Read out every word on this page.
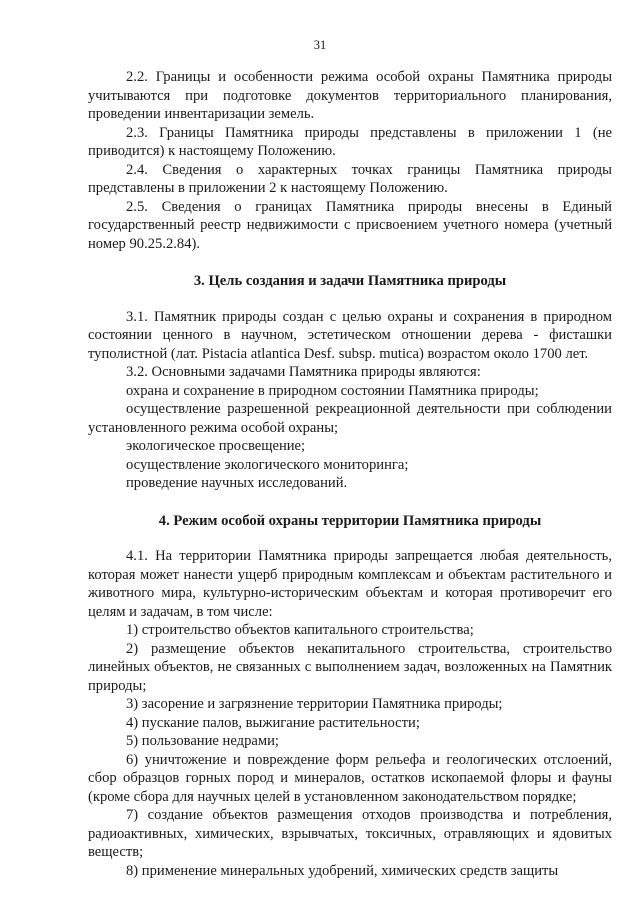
31

2.2. Границы и особенности режима особой охраны Памятника природы учитываются при подготовке документов территориального планирования, проведении инвентаризации земель.

2.3. Границы Памятника природы представлены в приложении 1 (не приводится) к настоящему Положению.

2.4. Сведения о характерных точках границы Памятника природы представлены в приложении 2 к настоящему Положению.

2.5. Сведения о границах Памятника природы внесены в Единый государственный реестр недвижимости с присвоением учетного номера (учетный номер 90.25.2.84).

3. Цель создания и задачи Памятника природы

3.1. Памятник природы создан с целью охраны и сохранения в природном состоянии ценного в научном, эстетическом отношении дерева - фисташки туполистной (лат. Pistacia atlantica Desf. subsp. mutica) возрастом около 1700 лет.

3.2. Основными задачами Памятника природы являются:

охрана и сохранение в природном состоянии Памятника природы;

осуществление разрешенной рекреационной деятельности при соблюдении установленного режима особой охраны;

экологическое просвещение;

осуществление экологического мониторинга;

проведение научных исследований.

4. Режим особой охраны территории Памятника природы

4.1. На территории Памятника природы запрещается любая деятельность, которая может нанести ущерб природным комплексам и объектам растительного и животного мира, культурно-историческим объектам и которая противоречит его целям и задачам, в том числе:

1) строительство объектов капитального строительства;

2) размещение объектов некапитального строительства, строительство линейных объектов, не связанных с выполнением задач, возложенных на Памятник природы;

3) засорение и загрязнение территории Памятника природы;

4) пускание палов, выжигание растительности;

5) пользование недрами;

6) уничтожение и повреждение форм рельефа и геологических отслоений, сбор образцов горных пород и минералов, остатков ископаемой флоры и фауны (кроме сбора для научных целей в установленном законодательством порядке;

7) создание объектов размещения отходов производства и потребления, радиоактивных, химических, взрывчатых, токсичных, отравляющих и ядовитых веществ;

8) применение минеральных удобрений, химических средств защиты
